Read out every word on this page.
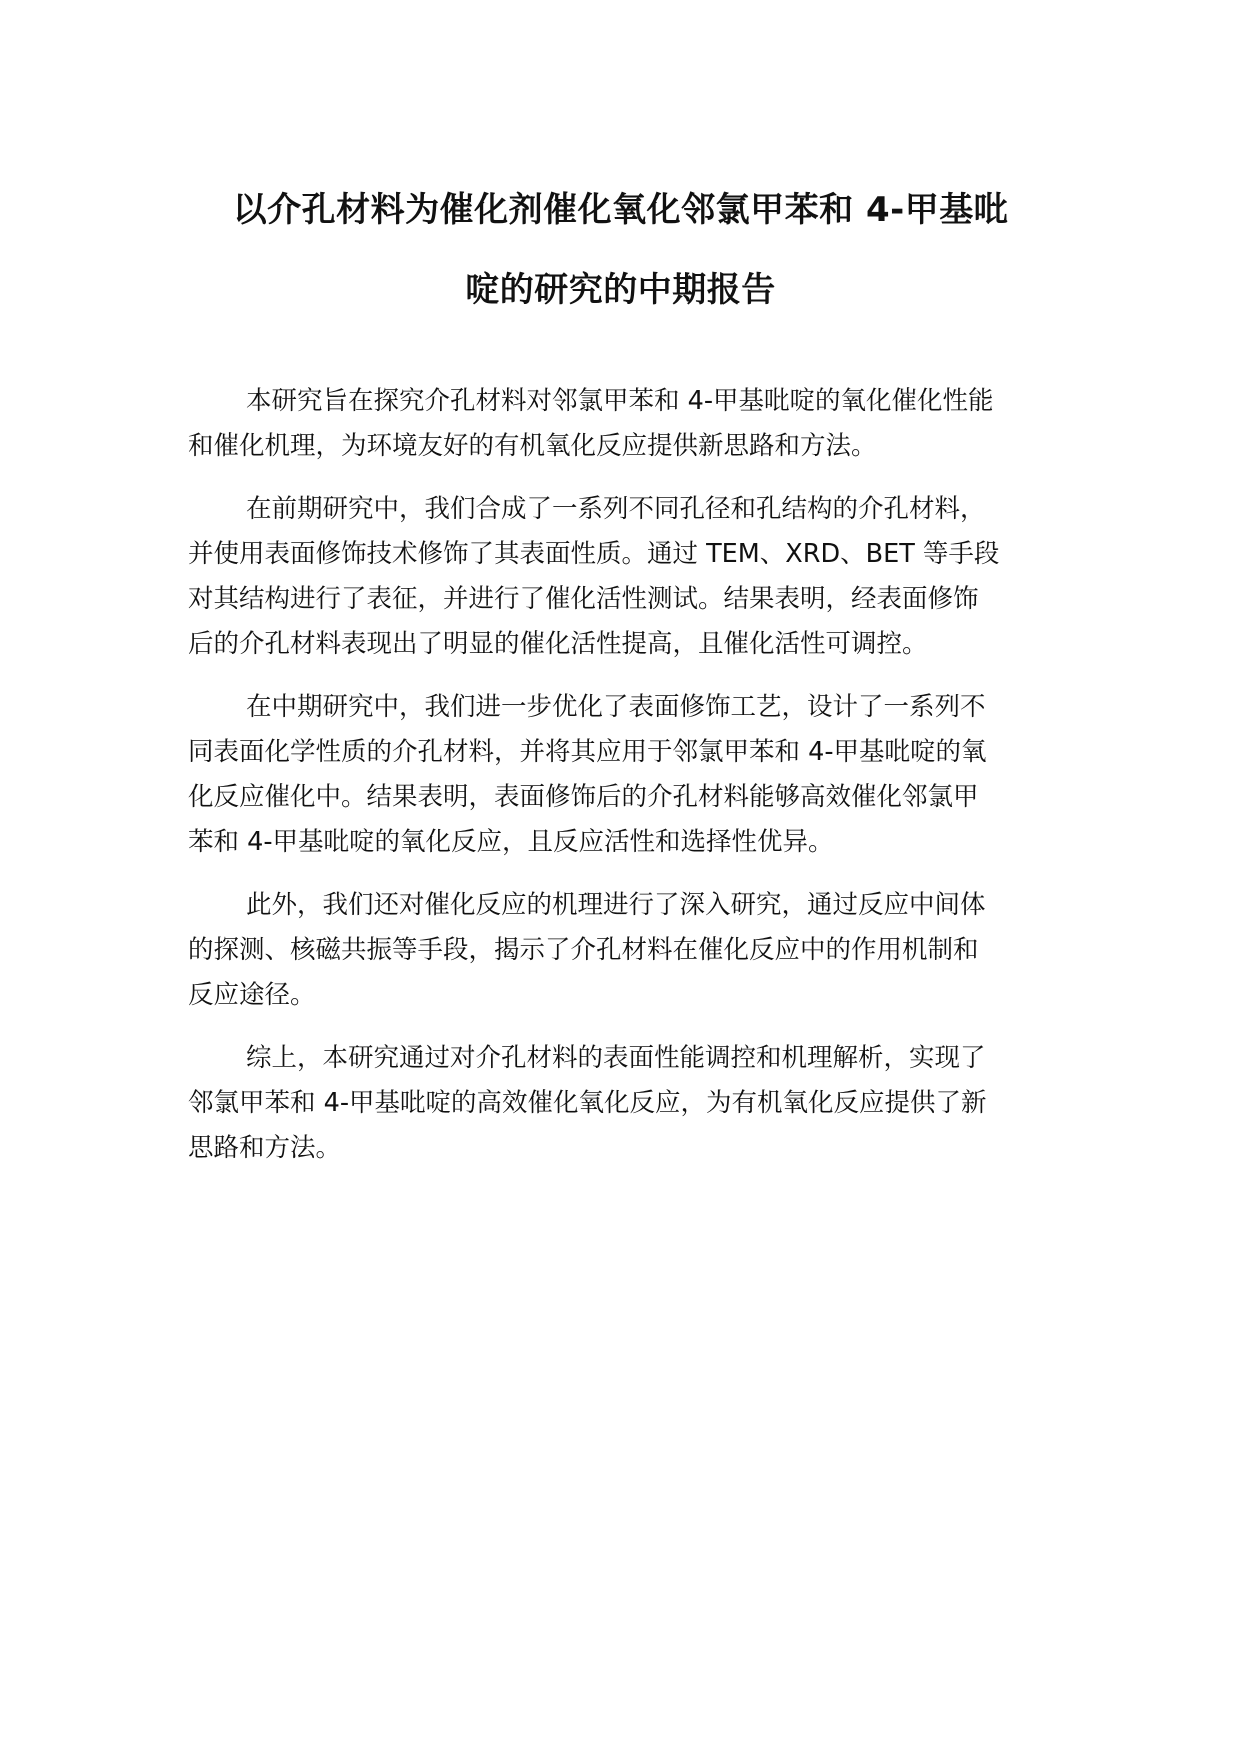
以介孔材料为催化剂催化氧化邻氯甲苯和 4-甲基吡
啶的研究的中期报告

本研究旨在探究介孔材料对邻氯甲苯和 4-甲基吡啶的氧化催化性能
和催化机理，为环境友好的有机氧化反应提供新思路和方法。

在前期研究中，我们合成了一系列不同孔径和孔结构的介孔材料，
并使用表面修饰技术修饰了其表面性质。通过 TEM、XRD、BET 等手段
对其结构进行了表征，并进行了催化活性测试。结果表明，经表面修饰
后的介孔材料表现出了明显的催化活性提高，且催化活性可调控。

在中期研究中，我们进一步优化了表面修饰工艺，设计了一系列不
同表面化学性质的介孔材料，并将其应用于邻氯甲苯和 4-甲基吡啶的氧
化反应催化中。结果表明，表面修饰后的介孔材料能够高效催化邻氯甲
苯和 4-甲基吡啶的氧化反应，且反应活性和选择性优异。

此外，我们还对催化反应的机理进行了深入研究，通过反应中间体
的探测、核磁共振等手段，揭示了介孔材料在催化反应中的作用机制和
反应途径。

综上，本研究通过对介孔材料的表面性能调控和机理解析，实现了
邻氯甲苯和 4-甲基吡啶的高效催化氧化反应，为有机氧化反应提供了新
思路和方法。
